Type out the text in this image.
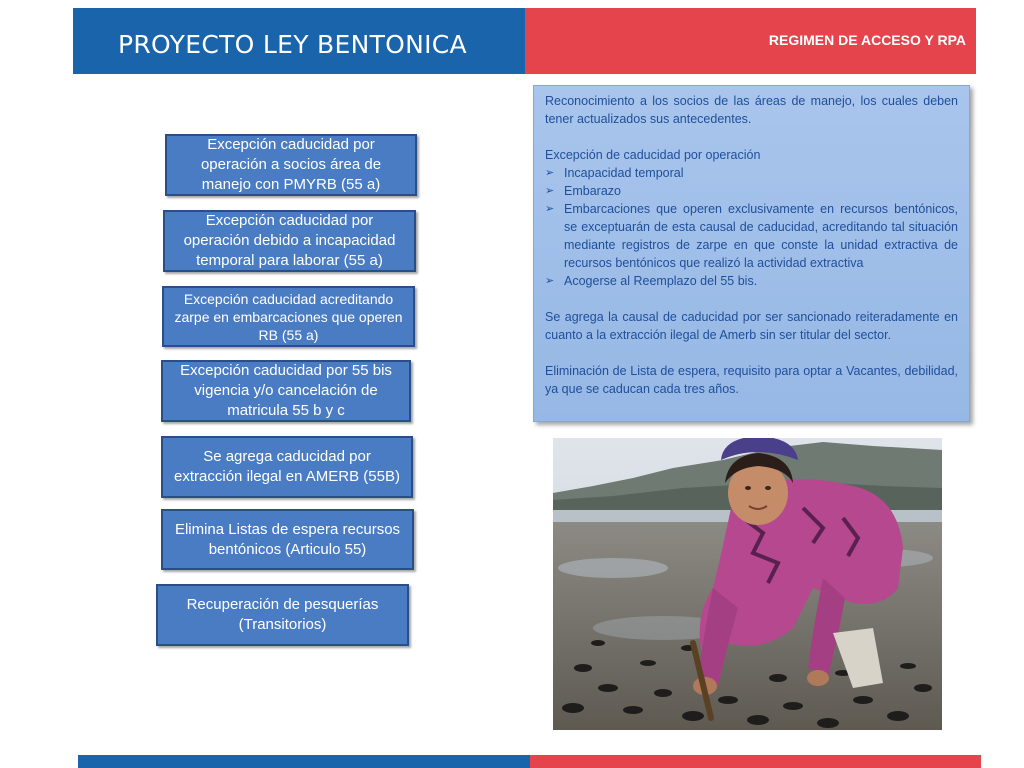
PROYECTO LEY BENTONICA	REGIMEN DE ACCESO Y RPA
Excepción caducidad por operación a socios área de manejo con PMYRB (55 a)
Excepción caducidad por operación debido a incapacidad temporal para laborar (55 a)
Excepción caducidad acreditando zarpe en embarcaciones que operen RB (55 a)
Excepción caducidad por 55 bis vigencia y/o cancelación de matricula 55 b y c
Se agrega caducidad por extracción ilegal en AMERB (55B)
Elimina Listas de espera recursos bentónicos (Articulo 55)
Recuperación de pesquerías (Transitorios)

Reconocimiento a los socios de las áreas de manejo, los cuales deben tener actualizados sus antecedentes.

Excepción de caducidad por operación

➢ Incapacidad temporal
➢ Embarazo
➢ Embarcaciones que operen exclusivamente en recursos bentónicos, se exceptuarán de esta causal de caducidad, acreditando tal situación mediante registros de zarpe en que conste la unidad extractiva de recursos bentónicos que realizó la actividad extractiva
➢ Acogerse al Reemplazo del 55 bis.

Se agrega la causal de caducidad por ser sancionado reiteradamente en cuanto a la extracción ilegal de Amerb sin ser titular del sector.

Eliminación de Lista de espera, requisito para optar a Vacantes, debilidad, ya que se caducan cada tres años.
